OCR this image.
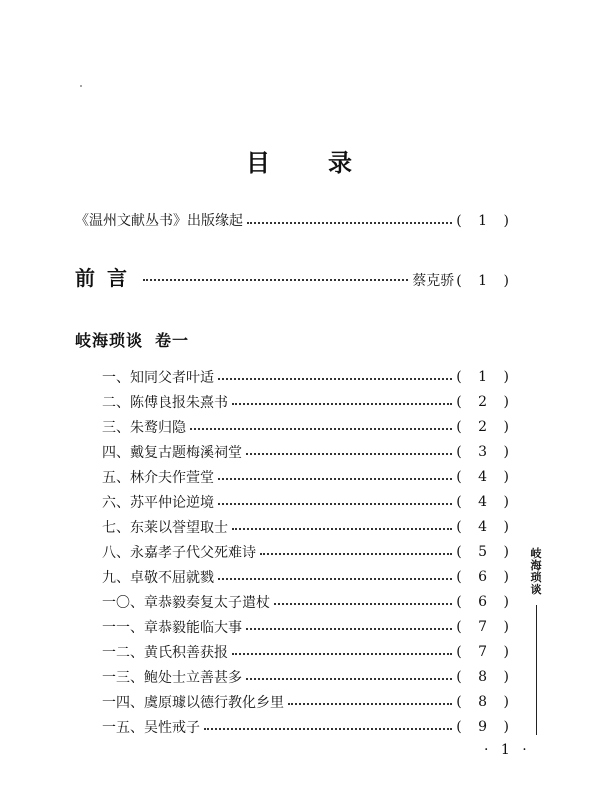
目 录
《温州文献丛书》出版缘起	( 1 )
前言	蔡克骄 ( 1 )
岐海琐谈 卷一
一、知同父者叶适	( 1 )
二、陈傅良报朱熹书	( 2 )
三、朱鹜归隐	( 2 )
四、戴复古题梅溪祠堂	( 3 )
五、林介夫作萱堂	( 4 )
六、苏平仲论逆境	( 4 )
七、东莱以誉望取士	( 4 )
八、永嘉孝子代父死难诗	( 5 )
九、卓敬不屈就戮	( 6 )
一〇、章恭毅奏复太子遣杖	( 6 )
一一、章恭毅能临大事	( 7 )
一二、黄氏积善获报	( 7 )
一三、鲍处士立善甚多	( 8 )
一四、虞原璩以德行教化乡里	( 8 )
一五、吴性戒子	( 9 )
岐
海
琐
谈
· 1 ·
